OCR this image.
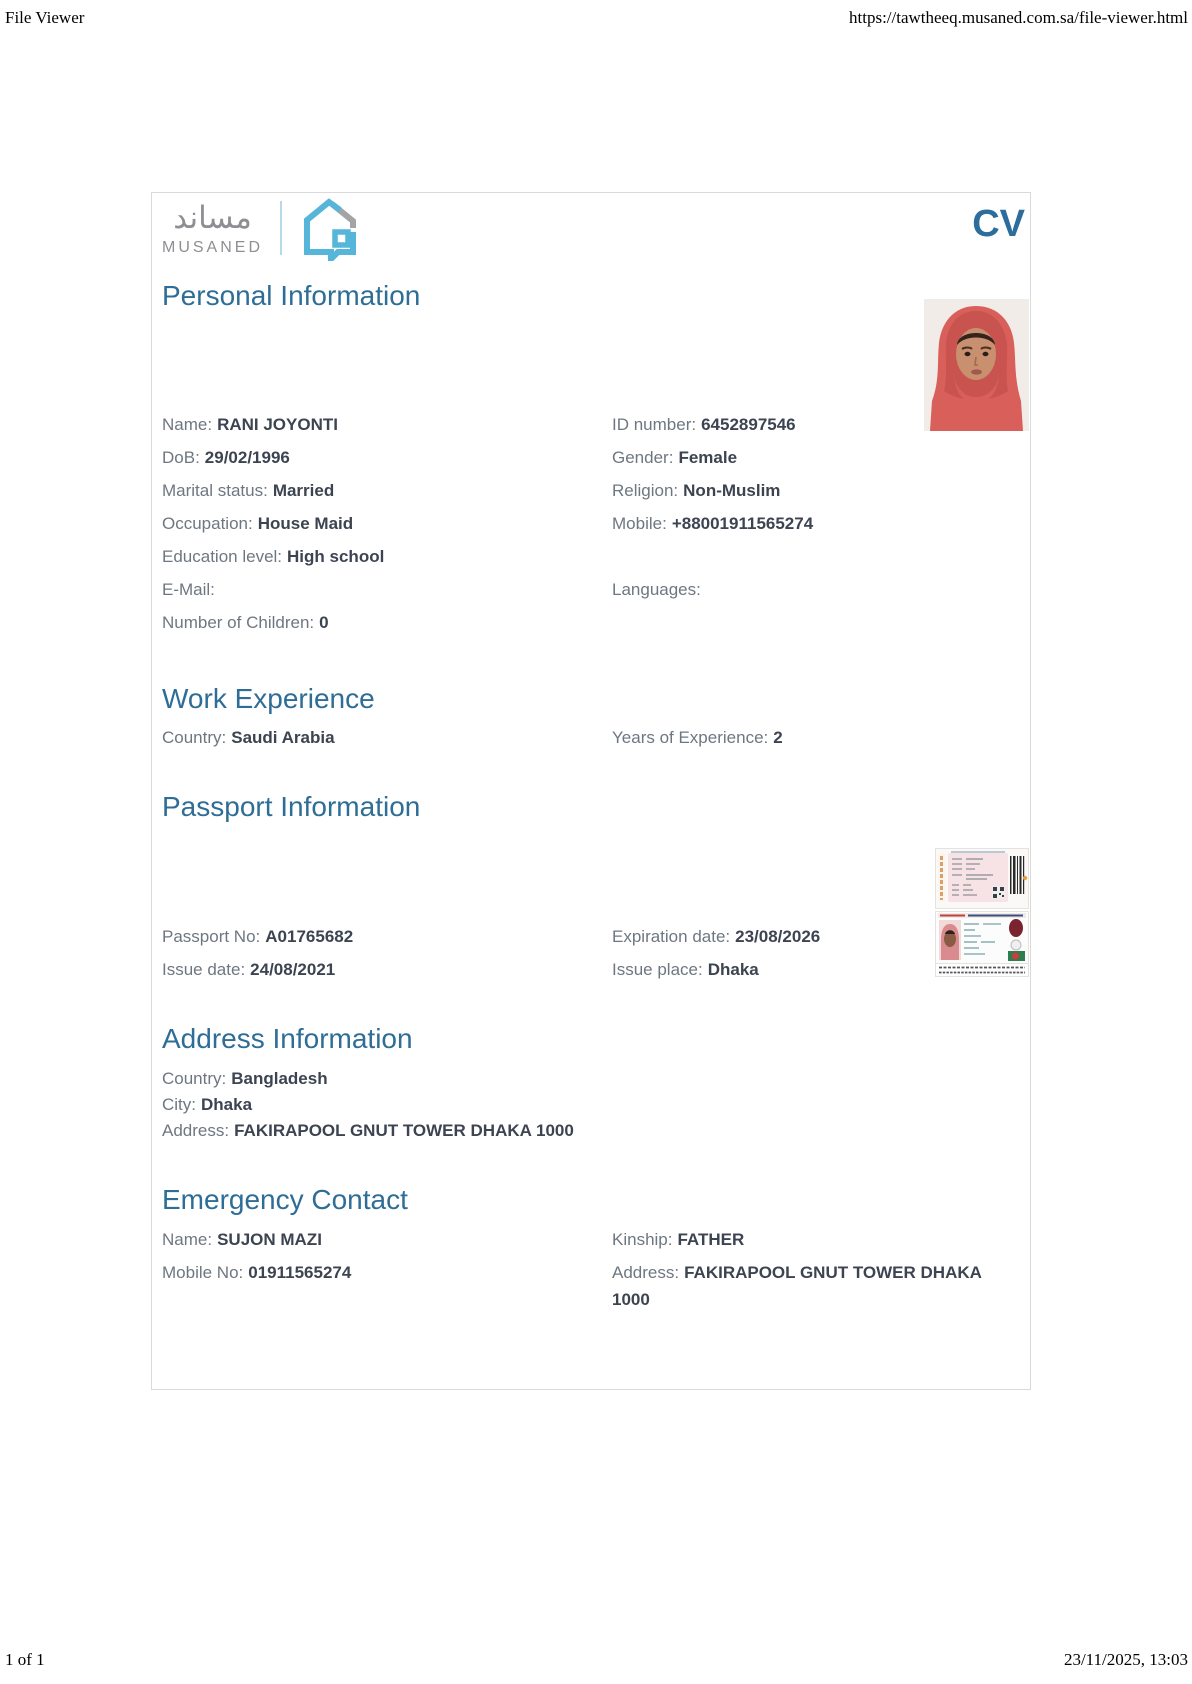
File Viewer	https://tawtheeq.musaned.com.sa/file-viewer.html
مساند
MUSANED
CV
Personal Information
Name: RANI JOYONTI	ID number: 6452897546
DoB: 29/02/1996	Gender: Female
Marital status: Married	Religion: Non-Muslim
Occupation: House Maid	Mobile: +88001911565274
Education level: High school
E-Mail:	Languages:
Number of Children: 0
Work Experience
Country: Saudi Arabia	Years of Experience: 2
Passport Information
Passport No: A01765682	Expiration date: 23/08/2026
Issue date: 24/08/2021	Issue place: Dhaka
Address Information
Country: Bangladesh
City: Dhaka
Address: FAKIRAPOOL GNUT TOWER DHAKA 1000
Emergency Contact
Name: SUJON MAZI	Kinship: FATHER
Mobile No: 01911565274	Address: FAKIRAPOOL GNUT TOWER DHAKA 1000
1 of 1	23/11/2025, 13:03
